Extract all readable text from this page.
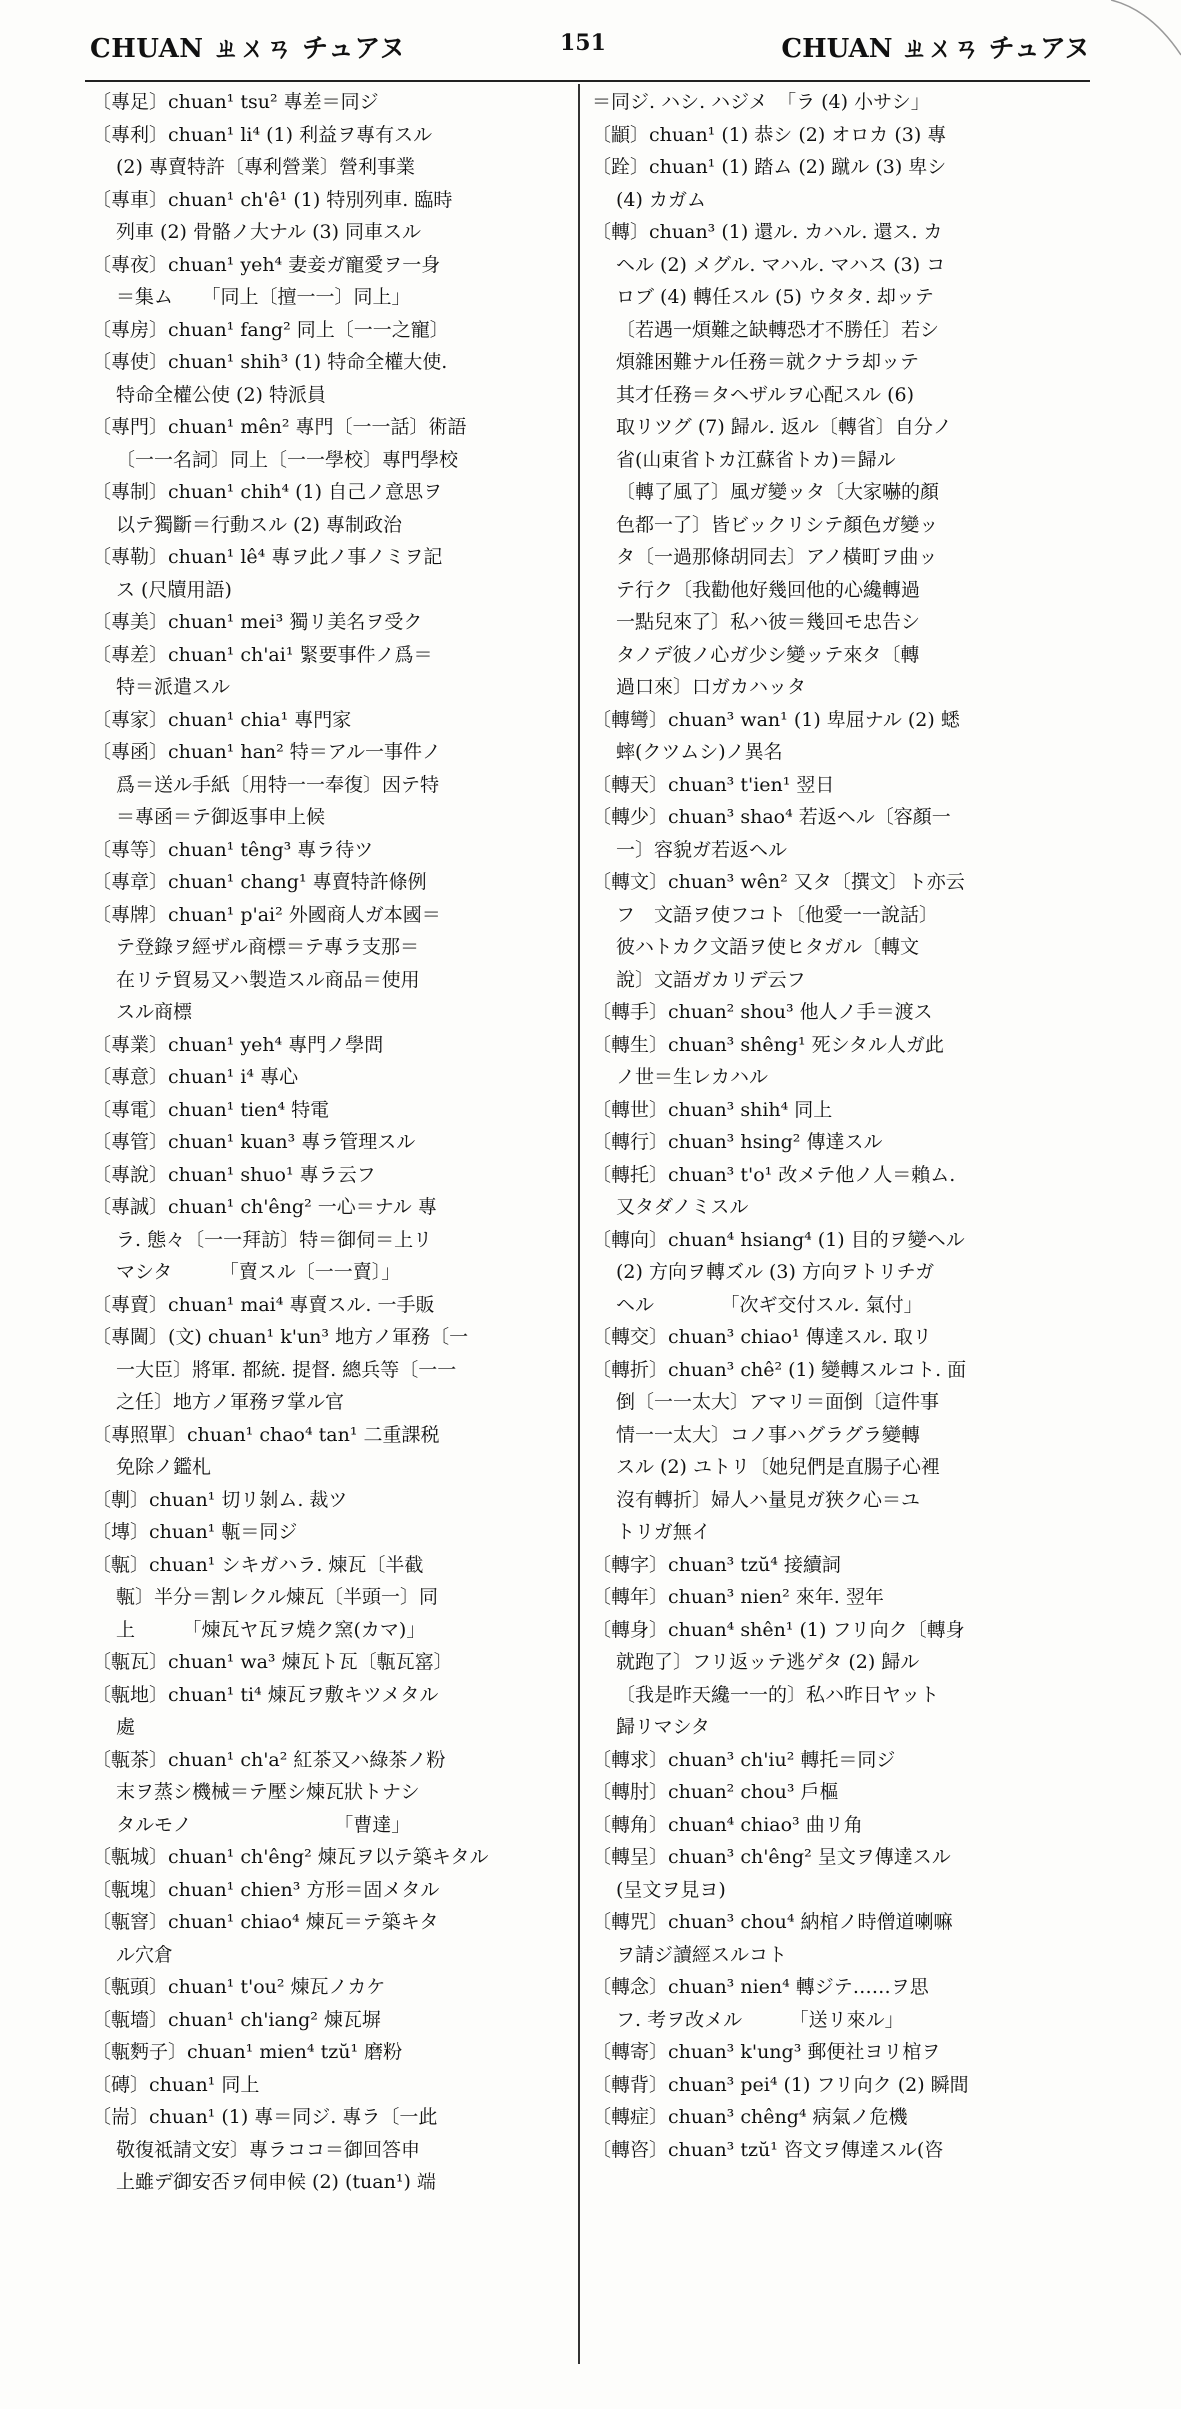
CHUAN ㄓㄨㄢ チュアヌ	151	CHUAN ㄓㄨㄢ チュアヌ
〔專足〕chuan¹ tsu² 專差＝同ジ
〔專利〕chuan¹ li⁴ (1) 利益ヲ專有スル
(2) 專賣特許〔專利營業〕營利事業
〔專車〕chuan¹ ch'ê¹ (1) 特別列車. 臨時
列車 (2) 骨骼ノ大ナル (3) 同車スル
〔專夜〕chuan¹ yeh⁴ 妻妾ガ寵愛ヲ一身
＝集ム　　「同上〔擅一一〕同上」
〔專房〕chuan¹ fang² 同上〔一一之寵〕
〔專使〕chuan¹ shih³ (1) 特命全權大使.
特命全權公使 (2) 特派員
〔專門〕chuan¹ mên² 專門〔一一話〕術語
〔一一名詞〕同上〔一一學校〕專門學校
〔專制〕chuan¹ chih⁴ (1) 自己ノ意思ヲ
以テ獨斷＝行動スル (2) 專制政治
〔專勒〕chuan¹ lê⁴ 專ヲ此ノ事ノミヲ記
ス (尺牘用語)
〔專美〕chuan¹ mei³ 獨リ美名ヲ受ク
〔專差〕chuan¹ ch'ai¹ 緊要事件ノ爲＝
特＝派遣スル
〔專家〕chuan¹ chia¹ 專門家
〔專函〕chuan¹ han² 特＝アル一事件ノ
爲＝送ル手紙〔用特一一奉復〕因テ特
＝專函＝テ御返事申上候
〔專等〕chuan¹ têng³ 專ラ待ツ
〔專章〕chuan¹ chang¹ 專賣特許條例
〔專牌〕chuan¹ p'ai² 外國商人ガ本國＝
テ登錄ヲ經ザル商標＝テ專ラ支那＝
在リテ貿易又ハ製造スル商品＝使用
スル商標
〔專業〕chuan¹ yeh⁴ 專門ノ學問
〔專意〕chuan¹ i⁴ 專心
〔專電〕chuan¹ tien⁴ 特電
〔專管〕chuan¹ kuan³ 專ラ管理スル
〔專說〕chuan¹ shuo¹ 專ラ云フ
〔專誠〕chuan¹ ch'êng² 一心＝ナル 專
ラ. 態々〔一一拜訪〕特＝御伺＝上リ
マシタ　　　「賣スル〔一一賣〕」
〔專賣〕chuan¹ mai⁴ 專賣スル. 一手販
〔專閫〕(文) chuan¹ k'un³ 地方ノ軍務〔一
一大臣〕將軍. 都統. 提督. 總兵等〔一一
之任〕地方ノ軍務ヲ掌ル官
〔專照單〕chuan¹ chao⁴ tan¹ 二重課税
免除ノ鑑札
〔剸〕chuan¹ 切リ剝ム. 裁ツ
〔塼〕chuan¹ 甎＝同ジ
〔甎〕chuan¹ シキガハラ. 煉瓦〔半截
甎〕半分＝割レクル煉瓦〔半頭一〕同
上　　　「煉瓦ヤ瓦ヲ燒ク窯(カマ)」
〔甎瓦〕chuan¹ wa³ 煉瓦ト瓦〔甎瓦窰〕
〔甎地〕chuan¹ ti⁴ 煉瓦ヲ敷キツメタル
處
〔甎茶〕chuan¹ ch'a² 紅茶又ハ綠茶ノ粉
末ヲ蒸シ機械＝テ壓シ煉瓦狀トナシ
タルモノ　　　　　　　　「曹達」
〔甎城〕chuan¹ ch'êng² 煉瓦ヲ以テ築キタル
〔甎塊〕chuan¹ chien³ 方形＝固メタル
〔甎窨〕chuan¹ chiao⁴ 煉瓦＝テ築キタ
ル穴倉
〔甎頭〕chuan¹ t'ou² 煉瓦ノカケ
〔甎墻〕chuan¹ ch'iang² 煉瓦塀
〔甎麪子〕chuan¹ mien⁴ tzŭ¹ 磨粉
〔磚〕chuan¹ 同上
〔耑〕chuan¹ (1) 專＝同ジ. 專ラ〔一此
敬復祗請文安〕專ラココ＝御回答申
上雖デ御安否ヲ伺申候 (2) (tuan¹) 端
＝同ジ. ハシ. ハジメ　「ラ (4) 小サシ」
〔顓〕chuan¹ (1) 恭シ (2) オロカ (3) 專
〔跧〕chuan¹ (1) 踏ム (2) 蹴ル (3) 卑シ
(4) カガム
〔轉〕chuan³ (1) 還ル. カハル. 還ス. カ
ヘル (2) メグル. マハル. マハス (3) コ
ロブ (4) 轉任スル (5) ウタタ. 却ッテ
〔若遇一煩難之缺轉恐才不勝任〕若シ
煩雜困難ナル任務＝就クナラ却ッテ
其才任務＝タヘザルヲ心配スル (6)
取リツグ (7) 歸ル. 返ル〔轉省〕自分ノ
省(山東省トカ江蘇省トカ)＝歸ル
〔轉了風了〕風ガ變ッタ〔大家嚇的顏
色都一了〕皆ビックリシテ顏色ガ變ッ
タ〔一過那條胡同去〕アノ橫町ヲ曲ッ
テ行ク〔我勸他好幾回他的心纔轉過
一點兒來了〕私ハ彼＝幾回モ忠告シ
タノデ彼ノ心ガ少シ變ッテ來タ〔轉
過口來〕口ガカハッタ
〔轉彎〕chuan³ wan¹ (1) 卑屈ナル (2) 蟋
蟀(クツムシ)ノ異名
〔轉天〕chuan³ t'ien¹ 翌日
〔轉少〕chuan³ shao⁴ 若返ヘル〔容顏一
一〕容貌ガ若返ヘル
〔轉文〕chuan³ wên² 又タ〔撰文〕ト亦云
フ　文語ヲ使フコト〔他愛一一說話〕
彼ハトカク文語ヲ使ヒタガル〔轉文
說〕文語ガカリデ云フ
〔轉手〕chuan² shou³ 他人ノ手＝渡ス
〔轉生〕chuan³ shêng¹ 死シタル人ガ此
ノ世＝生レカハル
〔轉世〕chuan³ shih⁴ 同上
〔轉行〕chuan³ hsing² 傳達スル
〔轉托〕chuan³ t'o¹ 改メテ他ノ人＝賴ム.
又タダノミスル
〔轉向〕chuan⁴ hsiang⁴ (1) 目的ヲ變ヘル
(2) 方向ヲ轉ズル (3) 方向ヲトリチガ
ヘル　　　　「次ギ交付スル. 氣付」
〔轉交〕chuan³ chiao¹ 傳達スル. 取リ
〔轉折〕chuan³ chê² (1) 變轉スルコト. 面
倒〔一一太大〕アマリ＝面倒〔這件事
情一一太大〕コノ事ハグラグラ變轉
スル (2) ユトリ〔她兒們是直腸子心裡
沒有轉折〕婦人ハ量見ガ狹ク心＝ユ
トリガ無イ
〔轉字〕chuan³ tzŭ⁴ 接續詞
〔轉年〕chuan³ nien² 來年. 翌年
〔轉身〕chuan⁴ shên¹ (1) フリ向ク〔轉身
就跑了〕フリ返ッテ逃ゲタ (2) 歸ル
〔我是昨天纔一一的〕私ハ昨日ヤット
歸リマシタ
〔轉求〕chuan³ ch'iu² 轉托＝同ジ
〔轉肘〕chuan² chou³ 戶樞
〔轉角〕chuan⁴ chiao³ 曲リ角
〔轉呈〕chuan³ ch'êng² 呈文ヲ傳達スル
(呈文ヲ見ヨ)
〔轉咒〕chuan³ chou⁴ 納棺ノ時僧道喇嘛
ヲ請ジ讀經スルコト
〔轉念〕chuan³ nien⁴ 轉ジテ……ヲ思
フ. 考ヲ改メル　　　「送リ來ル」
〔轉寄〕chuan³ k'ung³ 郵便社ヨリ棺ヲ
〔轉背〕chuan³ pei⁴ (1) フリ向ク (2) 瞬間
〔轉症〕chuan³ chêng⁴ 病氣ノ危機
〔轉咨〕chuan³ tzŭ¹ 咨文ヲ傳達スル(咨
